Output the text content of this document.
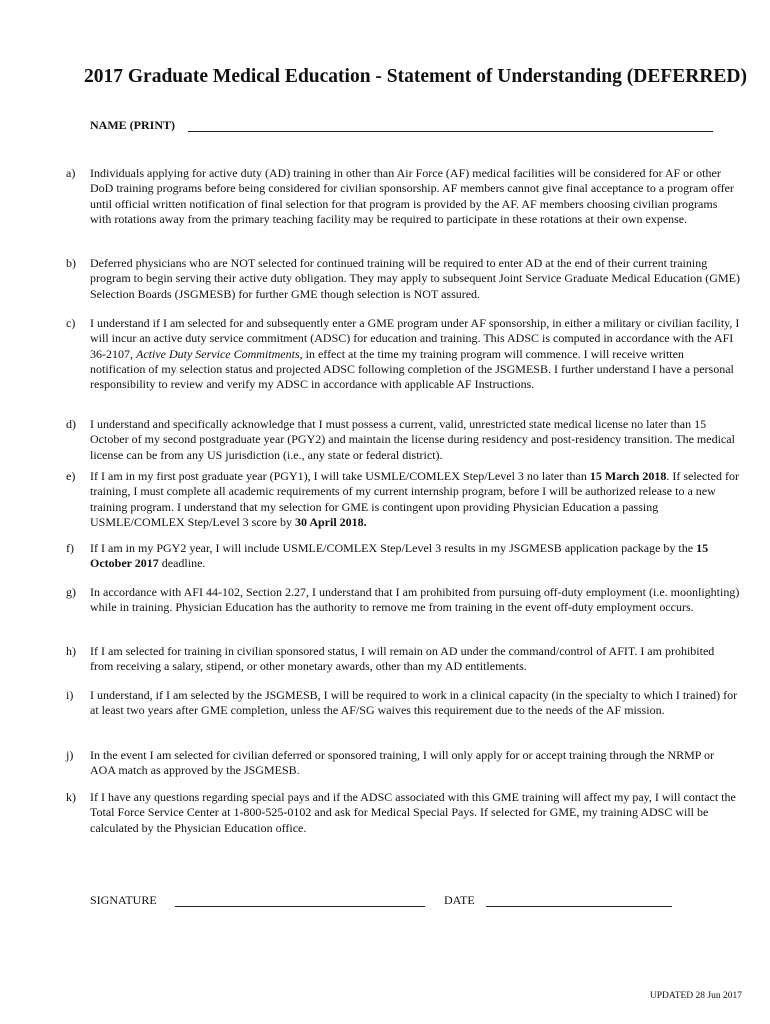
2017 Graduate Medical Education - Statement of Understanding (DEFERRED)
NAME (PRINT)
a) Individuals applying for active duty (AD) training in other than Air Force (AF) medical facilities will be considered for AF or other DoD training programs before being considered for civilian sponsorship. AF members cannot give final acceptance to a program offer until official written notification of final selection for that program is provided by the AF. AF members choosing civilian programs with rotations away from the primary teaching facility may be required to participate in these rotations at their own expense.
b) Deferred physicians who are NOT selected for continued training will be required to enter AD at the end of their current training program to begin serving their active duty obligation. They may apply to subsequent Joint Service Graduate Medical Education (GME) Selection Boards (JSGMESB) for further GME though selection is NOT assured.
c) I understand if I am selected for and subsequently enter a GME program under AF sponsorship, in either a military or civilian facility, I will incur an active duty service commitment (ADSC) for education and training. This ADSC is computed in accordance with the AFI 36-2107, Active Duty Service Commitments, in effect at the time my training program will commence. I will receive written notification of my selection status and projected ADSC following completion of the JSGMESB. I further understand I have a personal responsibility to review and verify my ADSC in accordance with applicable AF Instructions.
d) I understand and specifically acknowledge that I must possess a current, valid, unrestricted state medical license no later than 15 October of my second postgraduate year (PGY2) and maintain the license during residency and post-residency transition. The medical license can be from any US jurisdiction (i.e., any state or federal district).
e) If I am in my first post graduate year (PGY1), I will take USMLE/COMLEX Step/Level 3 no later than 15 March 2018. If selected for training, I must complete all academic requirements of my current internship program, before I will be authorized release to a new training program. I understand that my selection for GME is contingent upon providing Physician Education a passing USMLE/COMLEX Step/Level 3 score by 30 April 2018.
f) If I am in my PGY2 year, I will include USMLE/COMLEX Step/Level 3 results in my JSGMESB application package by the 15 October 2017 deadline.
g) In accordance with AFI 44-102, Section 2.27, I understand that I am prohibited from pursuing off-duty employment (i.e. moonlighting) while in training. Physician Education has the authority to remove me from training in the event off-duty employment occurs.
h) If I am selected for training in civilian sponsored status, I will remain on AD under the command/control of AFIT. I am prohibited from receiving a salary, stipend, or other monetary awards, other than my AD entitlements.
i) I understand, if I am selected by the JSGMESB, I will be required to work in a clinical capacity (in the specialty to which I trained) for at least two years after GME completion, unless the AF/SG waives this requirement due to the needs of the AF mission.
j) In the event I am selected for civilian deferred or sponsored training, I will only apply for or accept training through the NRMP or AOA match as approved by the JSGMESB.
k) If I have any questions regarding special pays and if the ADSC associated with this GME training will affect my pay, I will contact the Total Force Service Center at 1-800-525-0102 and ask for Medical Special Pays. If selected for GME, my training ADSC will be calculated by the Physician Education office.
SIGNATURE	DATE
UPDATED 28 Jun 2017
